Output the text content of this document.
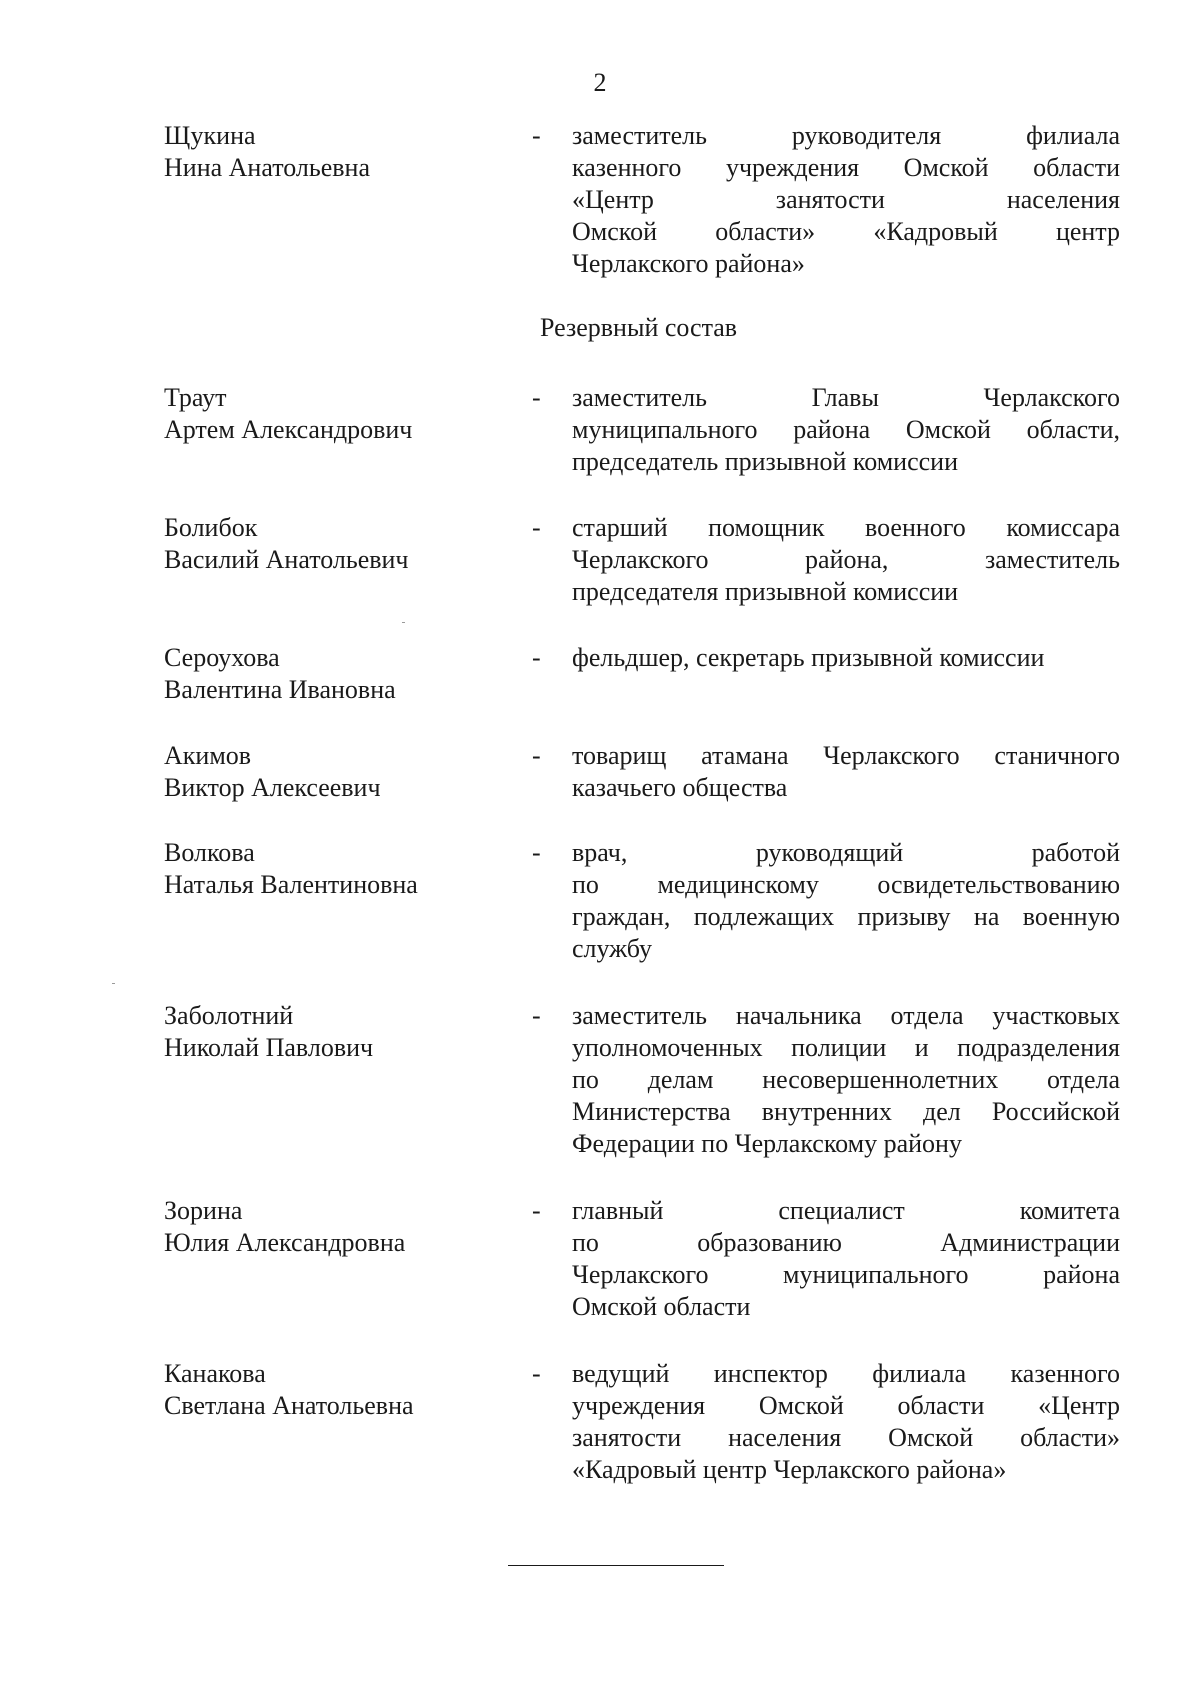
2
Щукина
Нина Анатольевна
-	заместитель руководителя филиала
казенного учреждения Омской области
«Центр занятости населения
Омской области» «Кадровый центр
Черлакского района»
Резервный состав
Траут
Артем Александрович
-	заместитель Главы Черлакского
муниципального района Омской области,
председатель призывной комиссии
Болибок
Василий Анатольевич
-	старший помощник военного комиссара
Черлакского района, заместитель
председателя призывной комиссии
Сероухова
Валентина Ивановна
-	фельдшер, секретарь призывной комиссии
Акимов
Виктор Алексеевич
-	товарищ атамана Черлакского станичного
казачьего общества
Волкова
Наталья Валентиновна
-	врач, руководящий работой
по медицинскому освидетельствованию
граждан, подлежащих призыву на военную
службу
Заболотний
Николай Павлович
-	заместитель начальника отдела участковых
уполномоченных полиции и подразделения
по делам несовершеннолетних отдела
Министерства внутренних дел Российской
Федерации по Черлакскому району
Зорина
Юлия Александровна
-	главный специалист комитета
по образованию Администрации
Черлакского муниципального района
Омской области
Канакова
Светлана Анатольевна
-	ведущий инспектор филиала казенного
учреждения Омской области «Центр
занятости населения Омской области»
«Кадровый центр Черлакского района»
